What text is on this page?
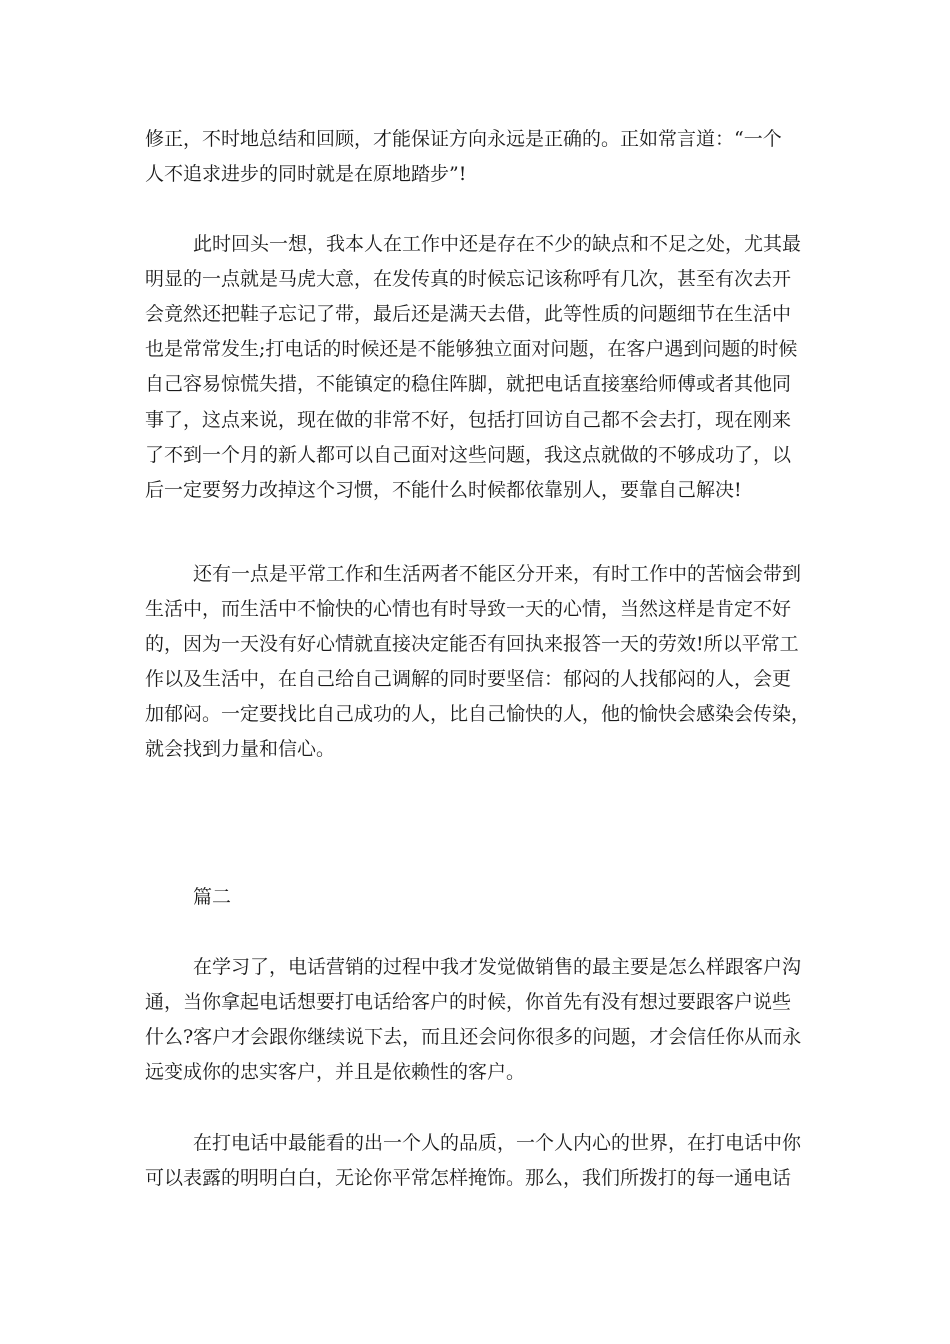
修正，不时地总结和回顾，才能保证方向永远是正确的。正如常言道：“一个

人不追求进步的同时就是在原地踏步”!

此时回头一想，我本人在工作中还是存在不少的缺点和不足之处，尤其最

明显的一点就是马虎大意，在发传真的时候忘记该称呼有几次，甚至有次去开

会竟然还把鞋子忘记了带，最后还是满天去借，此等性质的问题细节在生活中

也是常常发生;打电话的时候还是不能够独立面对问题，在客户遇到问题的时候

自己容易惊慌失措，不能镇定的稳住阵脚，就把电话直接塞给师傅或者其他同

事了，这点来说，现在做的非常不好，包括打回访自己都不会去打，现在刚来

了不到一个月的新人都可以自己面对这些问题，我这点就做的不够成功了，以

后一定要努力改掉这个习惯，不能什么时候都依靠别人，要靠自己解决!

还有一点是平常工作和生活两者不能区分开来，有时工作中的苦恼会带到

生活中，而生活中不愉快的心情也有时导致一天的心情，当然这样是肯定不好

的，因为一天没有好心情就直接决定能否有回执来报答一天的劳效!所以平常工

作以及生活中，在自己给自己调解的同时要坚信：郁闷的人找郁闷的人，会更

加郁闷。一定要找比自己成功的人，比自己愉快的人，他的愉快会感染会传染，

就会找到力量和信心。

篇二

在学习了，电话营销的过程中我才发觉做销售的最主要是怎么样跟客户沟

通，当你拿起电话想要打电话给客户的时候，你首先有没有想过要跟客户说些

什么?客户才会跟你继续说下去，而且还会问你很多的问题，才会信任你从而永

远变成你的忠实客户，并且是依赖性的客户。

在打电话中最能看的出一个人的品质，一个人内心的世界，在打电话中你

可以表露的明明白白，无论你平常怎样掩饰。那么，我们所拨打的每一通电话
